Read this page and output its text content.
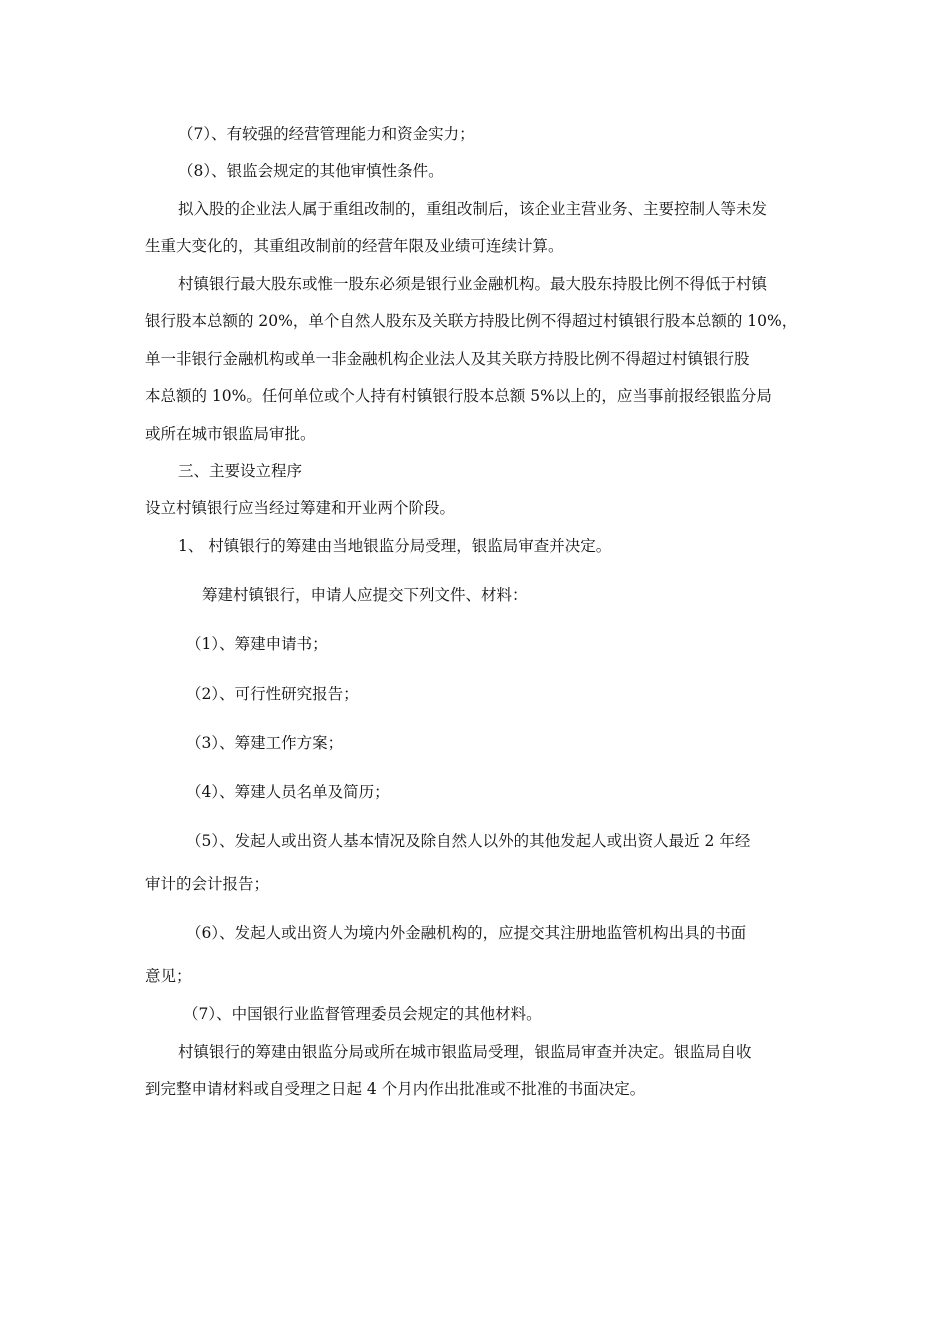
（7）、有较强的经营管理能力和资金实力；
（8）、银监会规定的其他审慎性条件。
拟入股的企业法人属于重组改制的，重组改制后，该企业主营业务、主要控制人等未发
生重大变化的，其重组改制前的经营年限及业绩可连续计算。
村镇银行最大股东或惟一股东必须是银行业金融机构。最大股东持股比例不得低于村镇
银行股本总额的 20%，单个自然人股东及关联方持股比例不得超过村镇银行股本总额的 10%，
单一非银行金融机构或单一非金融机构企业法人及其关联方持股比例不得超过村镇银行股
本总额的 10%。任何单位或个人持有村镇银行股本总额 5%以上的，应当事前报经银监分局
或所在城市银监局审批。
三、主要设立程序
设立村镇银行应当经过筹建和开业两个阶段。
1、 村镇银行的筹建由当地银监分局受理，银监局审查并决定。
筹建村镇银行，申请人应提交下列文件、材料：
（1）、筹建申请书；
（2）、可行性研究报告；
（3）、筹建工作方案；
（4）、筹建人员名单及简历；
（5）、发起人或出资人基本情况及除自然人以外的其他发起人或出资人最近 2 年经
审计的会计报告；
（6）、发起人或出资人为境内外金融机构的，应提交其注册地监管机构出具的书面
意见；
（7）、中国银行业监督管理委员会规定的其他材料。
村镇银行的筹建由银监分局或所在城市银监局受理，银监局审查并决定。银监局自收
到完整申请材料或自受理之日起 4 个月内作出批准或不批准的书面决定。
